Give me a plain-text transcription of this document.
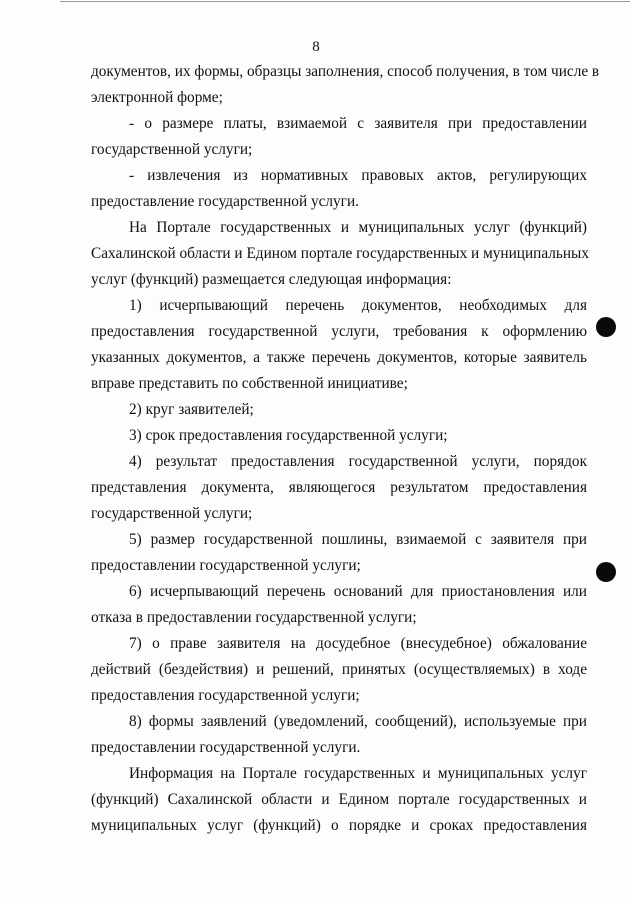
8
документов, их формы, образцы заполнения, способ получения, в том числе в
электронной форме;
- о размере платы, взимаемой с заявителя при предоставлении
государственной услуги;
- извлечения из нормативных правовых актов, регулирующих
предоставление государственной услуги.
На Портале государственных и муниципальных услуг (функций)
Сахалинской области и Едином портале государственных и муниципальных
услуг (функций) размещается следующая информация:
1) исчерпывающий перечень документов, необходимых для
предоставления государственной услуги, требования к оформлению
указанных документов, а также перечень документов, которые заявитель
вправе представить по собственной инициативе;
2) круг заявителей;
3) срок предоставления государственной услуги;
4) результат предоставления государственной услуги, порядок
представления документа, являющегося результатом предоставления
государственной услуги;
5) размер государственной пошлины, взимаемой с заявителя при
предоставлении государственной услуги;
6) исчерпывающий перечень оснований для приостановления или
отказа в предоставлении государственной услуги;
7) о праве заявителя на досудебное (внесудебное) обжалование
действий (бездействия) и решений, принятых (осуществляемых) в ходе
предоставления государственной услуги;
8) формы заявлений (уведомлений, сообщений), используемые при
предоставлении государственной услуги.
Информация на Портале государственных и муниципальных услуг
(функций) Сахалинской области и Едином портале государственных и
муниципальных услуг (функций) о порядке и сроках предоставления
